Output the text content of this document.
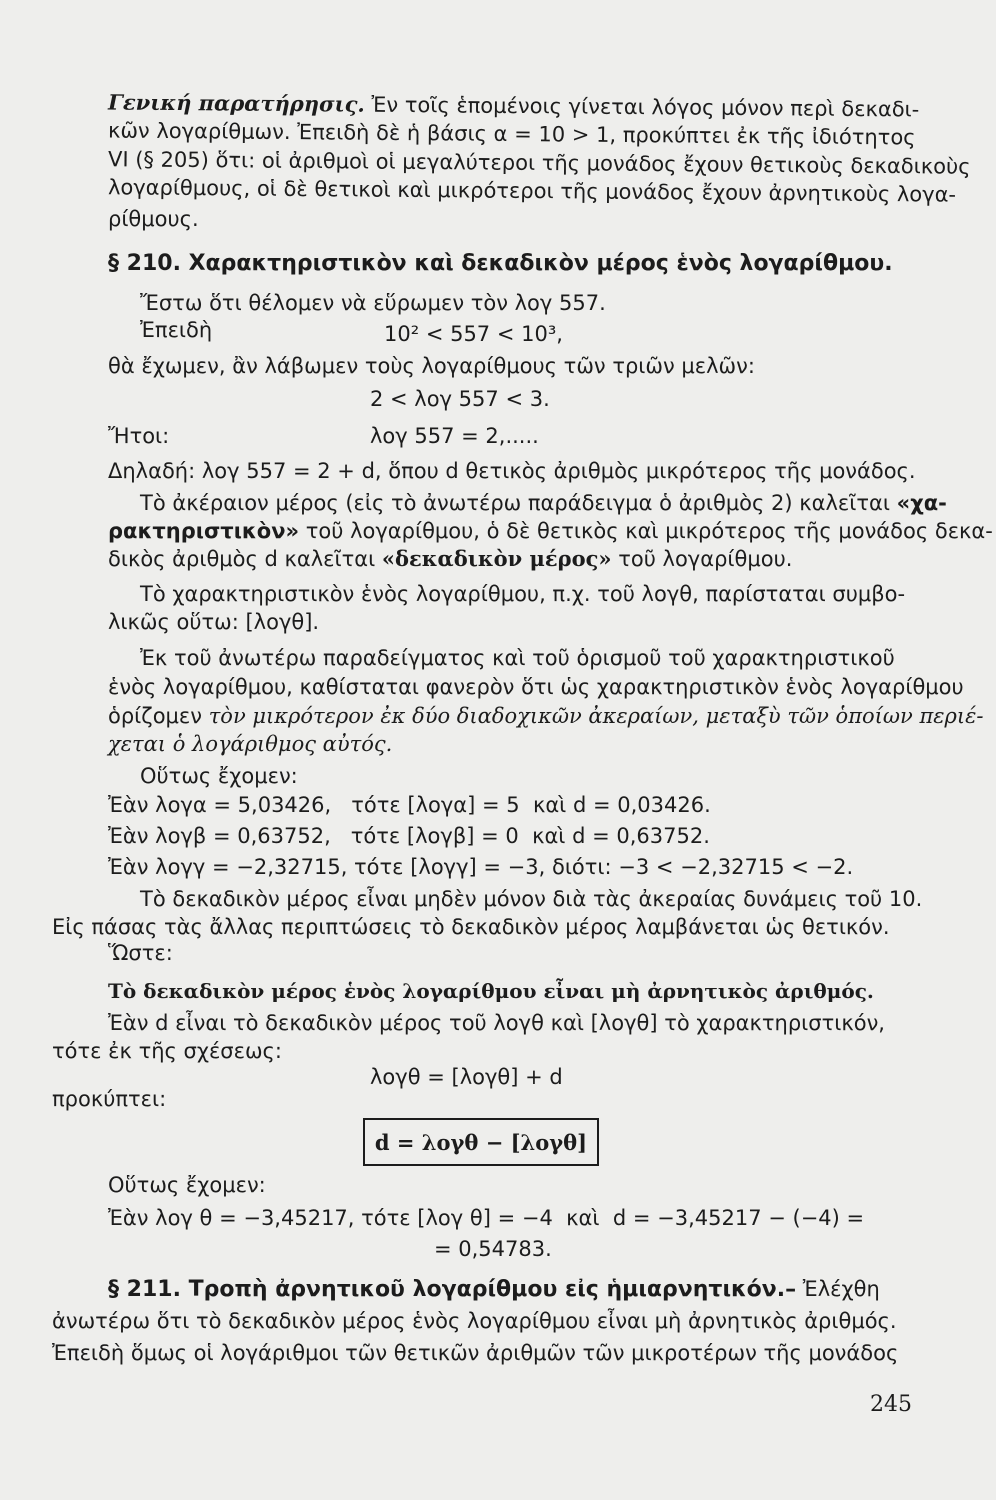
Γενική παρατήρησις. Ἐν τοῖς ἑπομένοις γίνεται λόγος μόνον περὶ δεκαδι-
κῶν λογαρίθμων. Ἐπειδὴ δὲ ἡ βάσις α = 10 > 1, προκύπτει ἐκ τῆς ἰδιότητος
VI (§ 205) ὅτι: οἱ ἀριθμοὶ οἱ μεγαλύτεροι τῆς μονάδος ἔχουν θετικοὺς δεκαδικοὺς
λογαρίθμους, οἱ δὲ θετικοὶ καὶ μικρότεροι τῆς μονάδος ἔχουν ἀρνητικοὺς λογα-
ρίθμους.
§ 210. Χαρακτηριστικὸν καὶ δεκαδικὸν μέρος ἑνὸς λογαρίθμου.
Ἔστω ὅτι θέλομεν νὰ εὕρωμεν τὸν λογ 557.
Ἐπειδὴ	10² < 557 < 10³,
θὰ ἔχωμεν, ἂν λάβωμεν τοὺς λογαρίθμους τῶν τριῶν μελῶν:
2 < λογ 557 < 3.
Ἤτοι:	λογ 557 = 2,.....
Δηλαδή: λογ 557 = 2 + d, ὅπου d θετικὸς ἀριθμὸς μικρότερος τῆς μονάδος.
Τὸ ἀκέραιον μέρος (εἰς τὸ ἀνωτέρω παράδειγμα ὁ ἀριθμὸς 2) καλεῖται «χα-
ρακτηριστικὸν» τοῦ λογαρίθμου, ὁ δὲ θετικὸς καὶ μικρότερος τῆς μονάδος δεκα-
δικὸς ἀριθμὸς d καλεῖται «δεκαδικὸν μέρος» τοῦ λογαρίθμου.
Τὸ χαρακτηριστικὸν ἑνὸς λογαρίθμου, π.χ. τοῦ λογθ, παρίσταται συμβο-
λικῶς οὕτω: [λογθ].
Ἐκ τοῦ ἀνωτέρω παραδείγματος καὶ τοῦ ὁρισμοῦ τοῦ χαρακτηριστικοῦ
ἑνὸς λογαρίθμου, καθίσταται φανερὸν ὅτι ὡς χαρακτηριστικὸν ἑνὸς λογαρίθμου
ὁρίζομεν τὸν μικρότερον ἐκ δύο διαδοχικῶν ἀκεραίων, μεταξὺ τῶν ὁποίων περιέ-
χεται ὁ λογάριθμος αὐτός.
Οὕτως ἔχομεν:
Ἐὰν λογα = 5,03426,   τότε [λογα] = 5  καὶ d = 0,03426.
Ἐὰν λογβ = 0,63752,   τότε [λογβ] = 0  καὶ d = 0,63752.
Ἐὰν λογγ = −2,32715, τότε [λογγ] = −3, διότι: −3 < −2,32715 < −2.
Τὸ δεκαδικὸν μέρος εἶναι μηδὲν μόνον διὰ τὰς ἀκεραίας δυνάμεις τοῦ 10.
Εἰς πάσας τὰς ἄλλας περιπτώσεις τὸ δεκαδικὸν μέρος λαμβάνεται ὡς θετικόν.
Ὥστε:
Τὸ δεκαδικὸν μέρος ἑνὸς λογαρίθμου εἶναι μὴ ἀρνητικὸς ἀριθμός.
Ἐὰν d εἶναι τὸ δεκαδικὸν μέρος τοῦ λογθ καὶ [λογθ] τὸ χαρακτηριστικόν,
τότε ἐκ τῆς σχέσεως:
λογθ = [λογθ] + d
προκύπτει:
d = λογθ − [λογθ]
Οὕτως ἔχομεν:
Ἐὰν λογ θ = −3,45217, τότε [λογ θ] = −4  καὶ  d = −3,45217 − (−4) =
= 0,54783.
§ 211. Τροπὴ ἀρνητικοῦ λογαρίθμου εἰς ἡμιαρνητικόν.– Ἐλέχθη
ἀνωτέρω ὅτι τὸ δεκαδικὸν μέρος ἑνὸς λογαρίθμου εἶναι μὴ ἀρνητικὸς ἀριθμός.
Ἐπειδὴ ὅμως οἱ λογάριθμοι τῶν θετικῶν ἀριθμῶν τῶν μικροτέρων τῆς μονάδος
245
